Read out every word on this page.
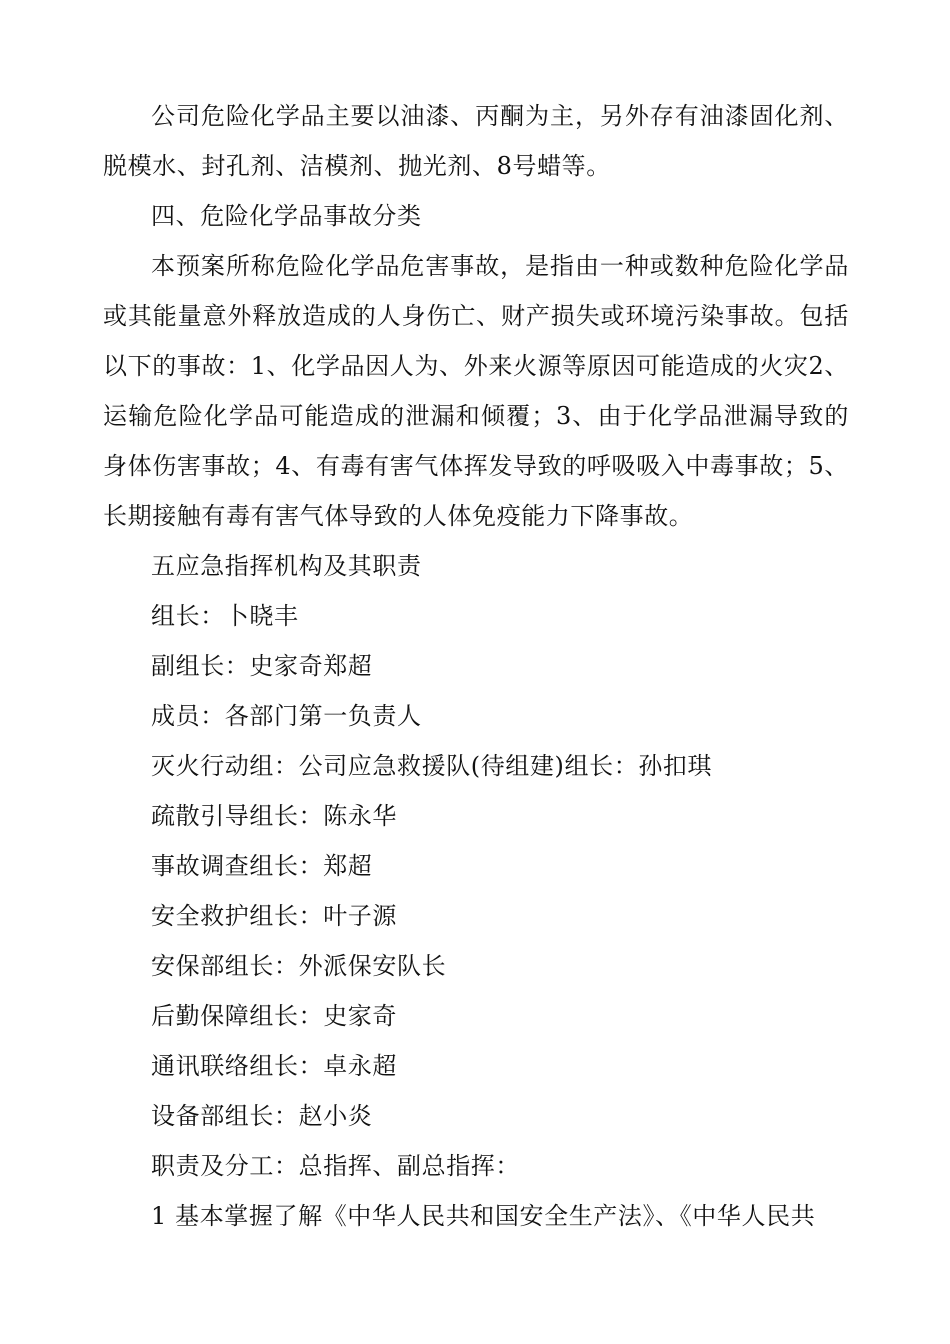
公司危险化学品主要以油漆、丙酮为主，另外存有油漆固化剂、脱模水、封孔剂、洁模剂、抛光剂、8号蜡等。

四、危险化学品事故分类

本预案所称危险化学品危害事故，是指由一种或数种危险化学品或其能量意外释放造成的人身伤亡、财产损失或环境污染事故。包括以下的事故：1、化学品因人为、外来火源等原因可能造成的火灾2、运输危险化学品可能造成的泄漏和倾覆；3、由于化学品泄漏导致的身体伤害事故；4、有毒有害气体挥发导致的呼吸吸入中毒事故；5、长期接触有毒有害气体导致的人体免疫能力下降事故。

五应急指挥机构及其职责

组长：卜晓丰

副组长：史家奇郑超

成员：各部门第一负责人

灭火行动组：公司应急救援队(待组建)组长：孙扣琪

疏散引导组长：陈永华

事故调查组长：郑超

安全救护组长：叶子源

安保部组长：外派保安队长

后勤保障组长：史家奇

通讯联络组长：卓永超

设备部组长：赵小炎

职责及分工：总指挥、副总指挥：

1 基本掌握了解《中华人民共和国安全生产法》、《中华人民共
